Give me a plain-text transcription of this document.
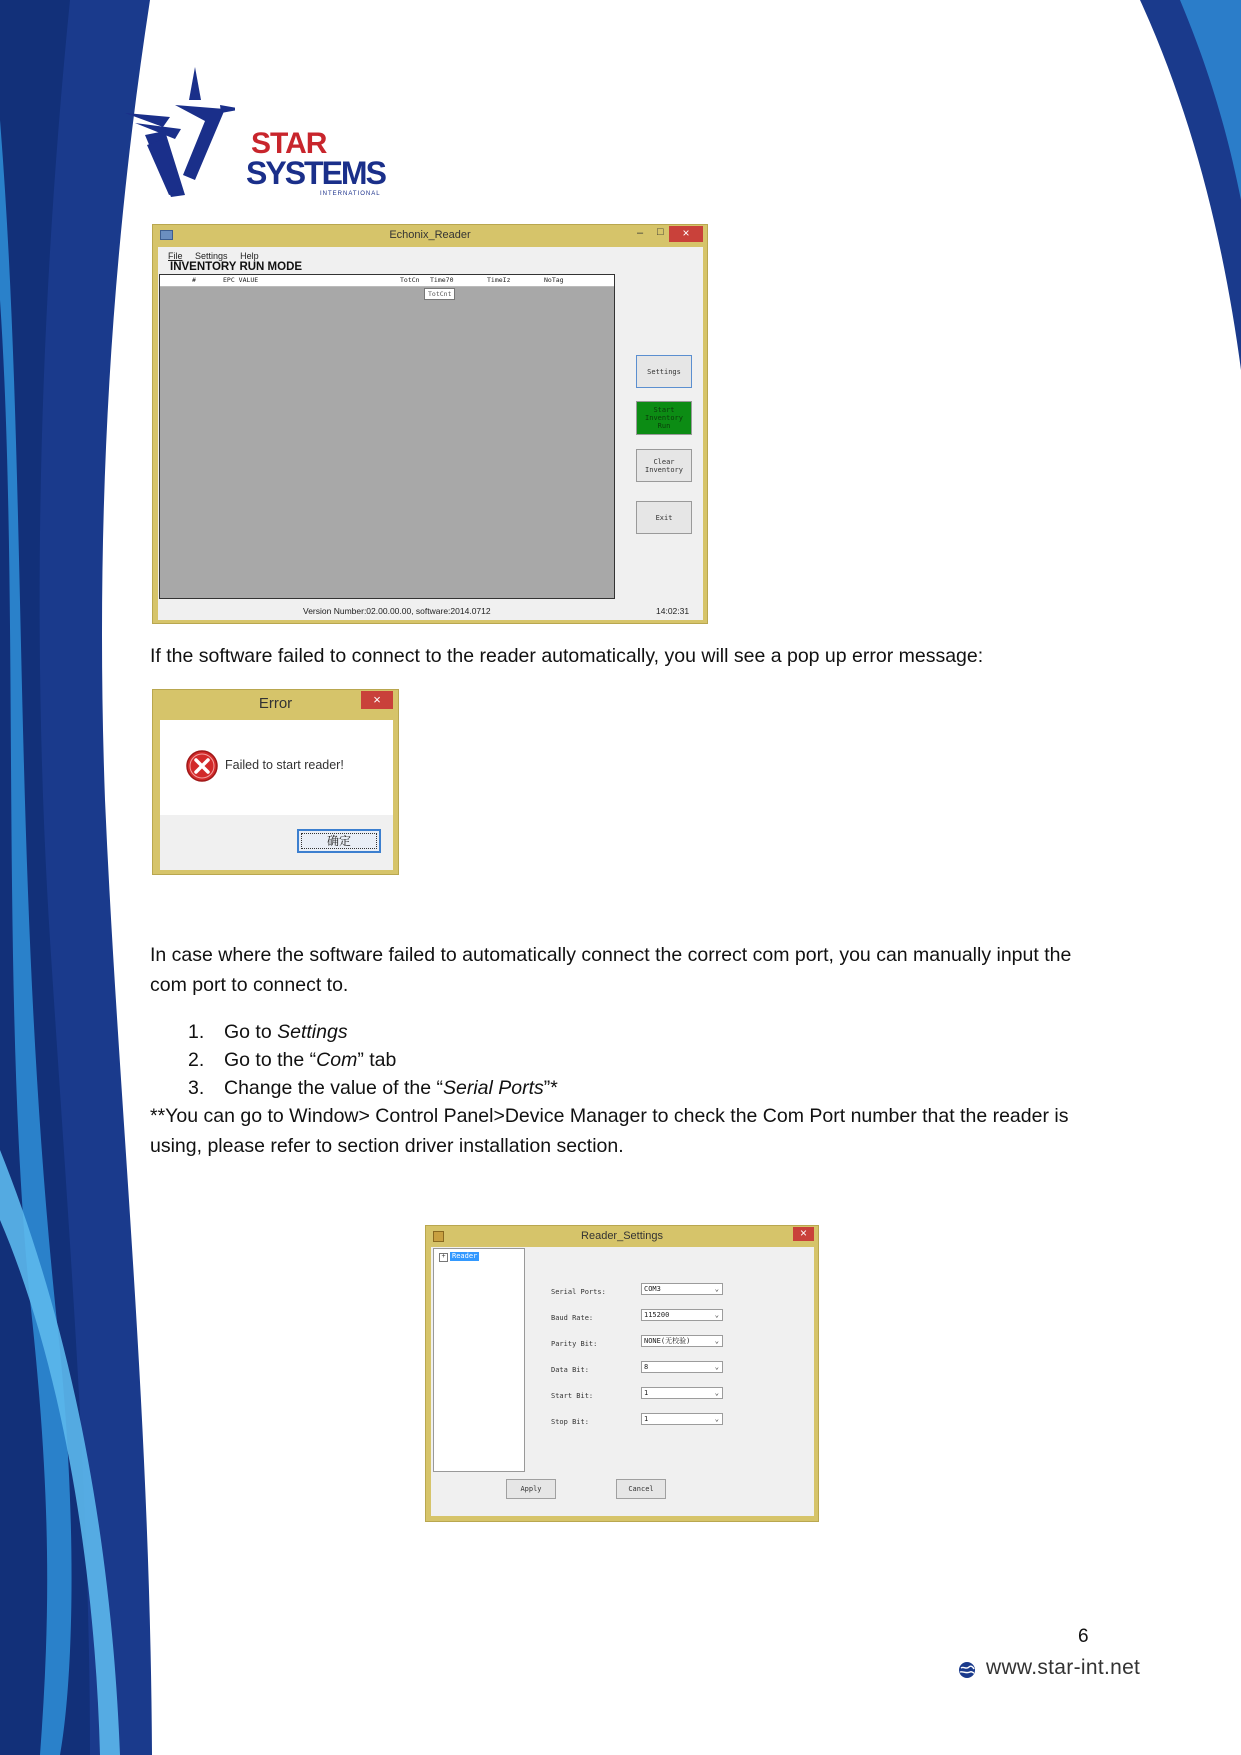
STAR
SYSTEMS
INTERNATIONAL
Echonix_Reader	– □	×
File Settings Help
INVENTORY RUN MODE
#	EPC VALUE	TotCn Time70	TimeIz	NoTag
TotCnt
Settings
Start Inventory Run
Clear Inventory
Exit
Version Number:02.00.00.00, software:2014.0712	14:02:31
If the software failed to connect to the reader automatically, you will see a pop up error message:
Error	×
Failed to start reader!
确定
In case where the software failed to automatically connect the correct com port, you can manually input the com port to connect to.
1. Go to Settings
2. Go to the “Com” tab
3. Change the value of the “Serial Ports”*
**You can go to Window> Control Panel>Device Manager to check the Com Port number that the reader is using, please refer to section driver installation section.
Reader_Settings	×
+ Reader
Serial Ports:	COM3	⌄
Baud Rate:	115200	⌄
Parity Bit:	NONE(无校验)	⌄
Data Bit:	8	⌄
Start Bit:	1	⌄
Stop Bit:	1	⌄
Apply	Cancel
6
www.star-int.net
